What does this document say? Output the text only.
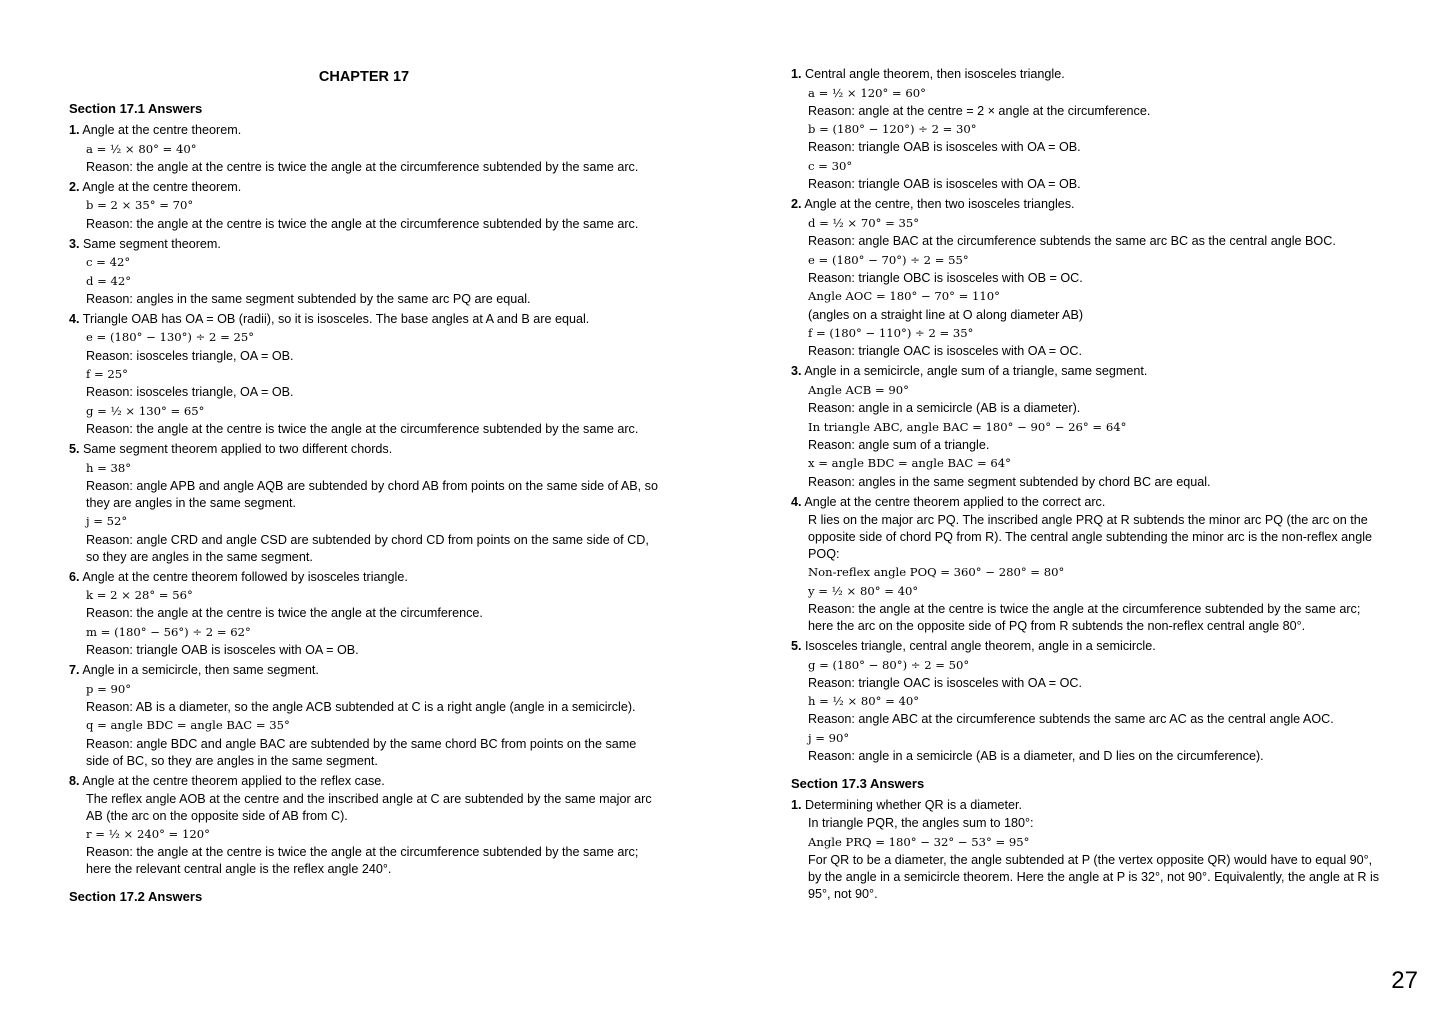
CHAPTER 17
Section 17.1 Answers
1. Angle at the centre theorem.
a = ½ × 80° = 40°
Reason: the angle at the centre is twice the angle at the circumference subtended by the same arc.
2. Angle at the centre theorem.
b = 2 × 35° = 70°
Reason: the angle at the centre is twice the angle at the circumference subtended by the same arc.
3. Same segment theorem.
c = 42°
d = 42°
Reason: angles in the same segment subtended by the same arc PQ are equal.
4. Triangle OAB has OA = OB (radii), so it is isosceles. The base angles at A and B are equal.
e = (180° − 130°) ÷ 2 = 25°
Reason: isosceles triangle, OA = OB.
f = 25°
Reason: isosceles triangle, OA = OB.
g = ½ × 130° = 65°
Reason: the angle at the centre is twice the angle at the circumference subtended by the same arc.
5. Same segment theorem applied to two different chords.
h = 38°
Reason: angle APB and angle AQB are subtended by chord AB from points on the same side of AB, so they are angles in the same segment.
j = 52°
Reason: angle CRD and angle CSD are subtended by chord CD from points on the same side of CD, so they are angles in the same segment.
6. Angle at the centre theorem followed by isosceles triangle.
k = 2 × 28° = 56°
Reason: the angle at the centre is twice the angle at the circumference.
m = (180° − 56°) ÷ 2 = 62°
Reason: triangle OAB is isosceles with OA = OB.
7. Angle in a semicircle, then same segment.
p = 90°
Reason: AB is a diameter, so the angle ACB subtended at C is a right angle (angle in a semicircle).
q = angle BDC = angle BAC = 35°
Reason: angle BDC and angle BAC are subtended by the same chord BC from points on the same side of BC, so they are angles in the same segment.
8. Angle at the centre theorem applied to the reflex case.
The reflex angle AOB at the centre and the inscribed angle at C are subtended by the same major arc AB (the arc on the opposite side of AB from C).
r = ½ × 240° = 120°
Reason: the angle at the centre is twice the angle at the circumference subtended by the same arc; here the relevant central angle is the reflex angle 240°.
Section 17.2 Answers
1. Central angle theorem, then isosceles triangle.
a = ½ × 120° = 60°
Reason: angle at the centre = 2 × angle at the circumference.
b = (180° − 120°) ÷ 2 = 30°
Reason: triangle OAB is isosceles with OA = OB.
c = 30°
Reason: triangle OAB is isosceles with OA = OB.
2. Angle at the centre, then two isosceles triangles.
d = ½ × 70° = 35°
Reason: angle BAC at the circumference subtends the same arc BC as the central angle BOC.
e = (180° − 70°) ÷ 2 = 55°
Reason: triangle OBC is isosceles with OB = OC.
Angle AOC = 180° − 70° = 110°
(angles on a straight line at O along diameter AB)
f = (180° − 110°) ÷ 2 = 35°
Reason: triangle OAC is isosceles with OA = OC.
3. Angle in a semicircle, angle sum of a triangle, same segment.
Angle ACB = 90°
Reason: angle in a semicircle (AB is a diameter).
In triangle ABC, angle BAC = 180° − 90° − 26° = 64°
Reason: angle sum of a triangle.
x = angle BDC = angle BAC = 64°
Reason: angles in the same segment subtended by chord BC are equal.
4. Angle at the centre theorem applied to the correct arc.
R lies on the major arc PQ. The inscribed angle PRQ at R subtends the minor arc PQ (the arc on the opposite side of chord PQ from R). The central angle subtending the minor arc is the non-reflex angle POQ:
Non-reflex angle POQ = 360° − 280° = 80°
y = ½ × 80° = 40°
Reason: the angle at the centre is twice the angle at the circumference subtended by the same arc; here the arc on the opposite side of PQ from R subtends the non-reflex central angle 80°.
5. Isosceles triangle, central angle theorem, angle in a semicircle.
g = (180° − 80°) ÷ 2 = 50°
Reason: triangle OAC is isosceles with OA = OC.
h = ½ × 80° = 40°
Reason: angle ABC at the circumference subtends the same arc AC as the central angle AOC.
j = 90°
Reason: angle in a semicircle (AB is a diameter, and D lies on the circumference).
Section 17.3 Answers
1. Determining whether QR is a diameter.
In triangle PQR, the angles sum to 180°:
Angle PRQ = 180° − 32° − 53° = 95°
For QR to be a diameter, the angle subtended at P (the vertex opposite QR) would have to equal 90°, by the angle in a semicircle theorem. Here the angle at P is 32°, not 90°. Equivalently, the angle at R is 95°, not 90°.
27
